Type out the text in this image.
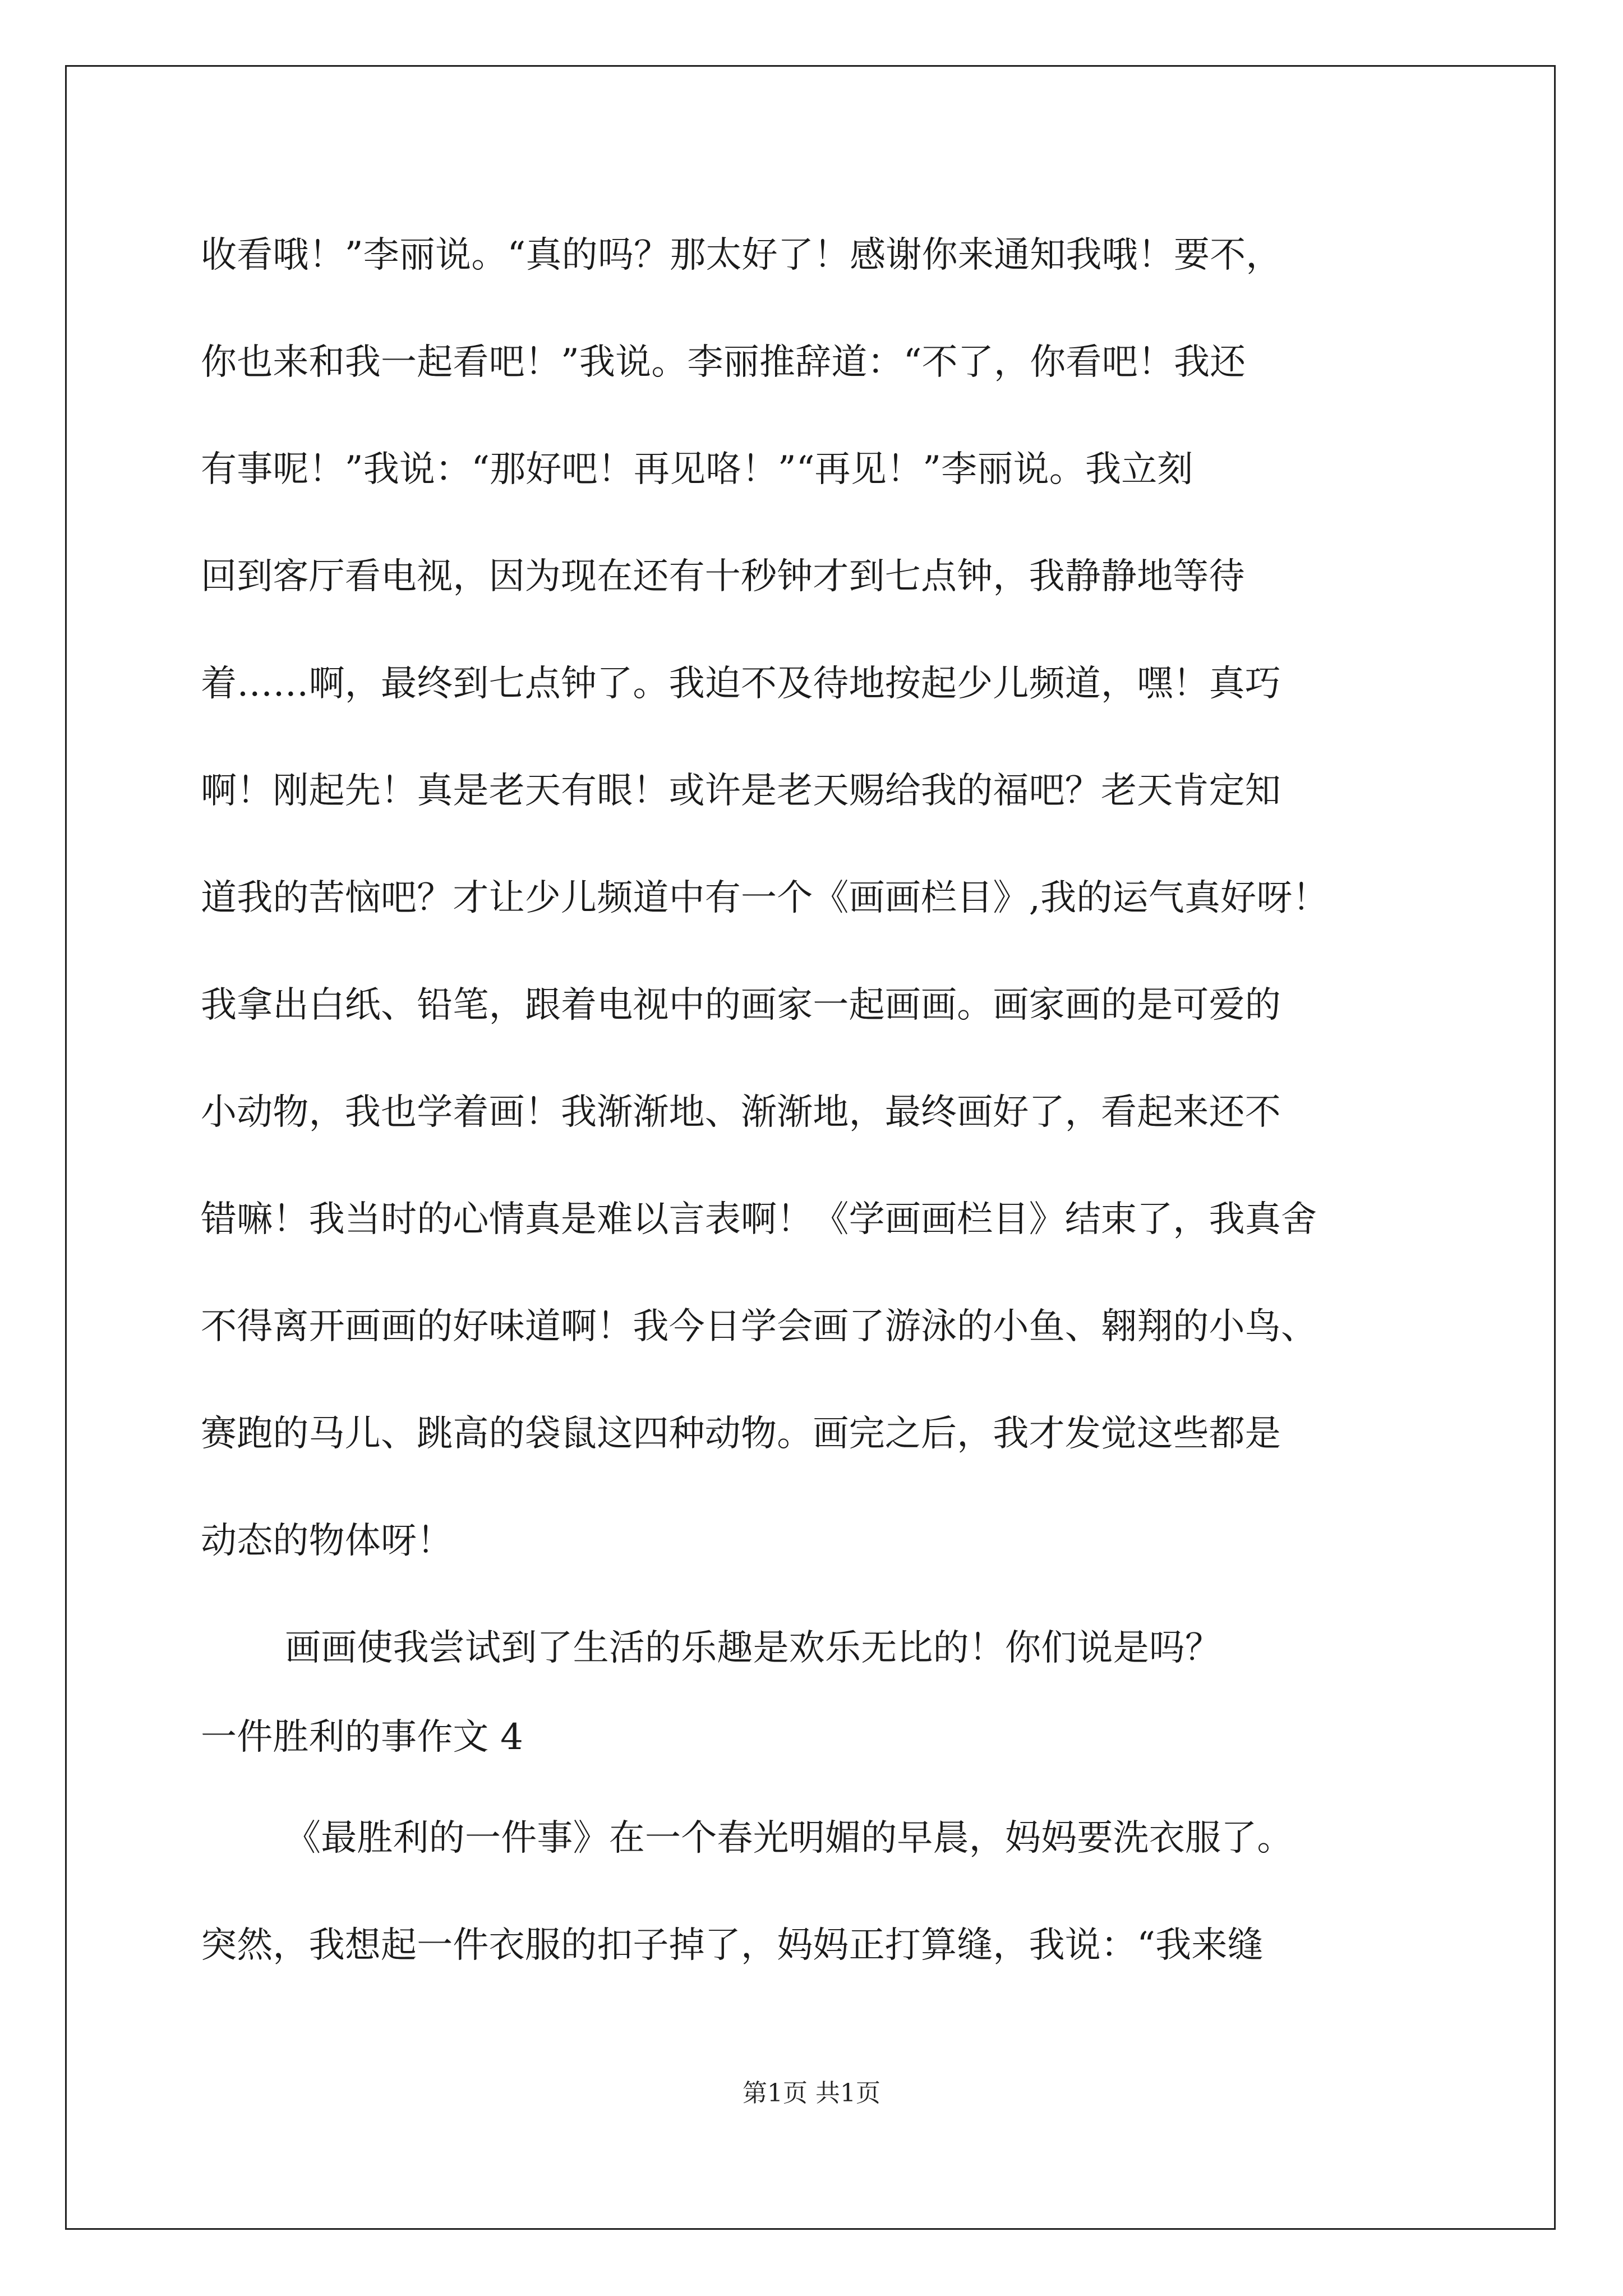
收看哦！”李丽说。“真的吗？那太好了！感谢你来通知我哦！要不，
你也来和我一起看吧！”我说。李丽推辞道：“不了，你看吧！我还
有事呢！”我说：“那好吧！再见咯！”“再见！”李丽说。我立刻
回到客厅看电视，因为现在还有十秒钟才到七点钟，我静静地等待
着……啊，最终到七点钟了。我迫不及待地按起少儿频道，嘿！真巧
啊！刚起先！真是老天有眼！或许是老天赐给我的福吧？老天肯定知
道我的苦恼吧？才让少儿频道中有一个《画画栏目》,我的运气真好呀！
我拿出白纸、铅笔，跟着电视中的画家一起画画。画家画的是可爱的
小动物，我也学着画！我渐渐地、渐渐地，最终画好了，看起来还不
错嘛！我当时的心情真是难以言表啊！《学画画栏目》结束了，我真舍
不得离开画画的好味道啊！我今日学会画了游泳的小鱼、翱翔的小鸟、
赛跑的马儿、跳高的袋鼠这四种动物。画完之后，我才发觉这些都是
动态的物体呀！
画画使我尝试到了生活的乐趣是欢乐无比的！你们说是吗？
一件胜利的事作文 4
《最胜利的一件事》在一个春光明媚的早晨，妈妈要洗衣服了。
突然，我想起一件衣服的扣子掉了，妈妈正打算缝，我说：“我来缝
第1页 共1页
